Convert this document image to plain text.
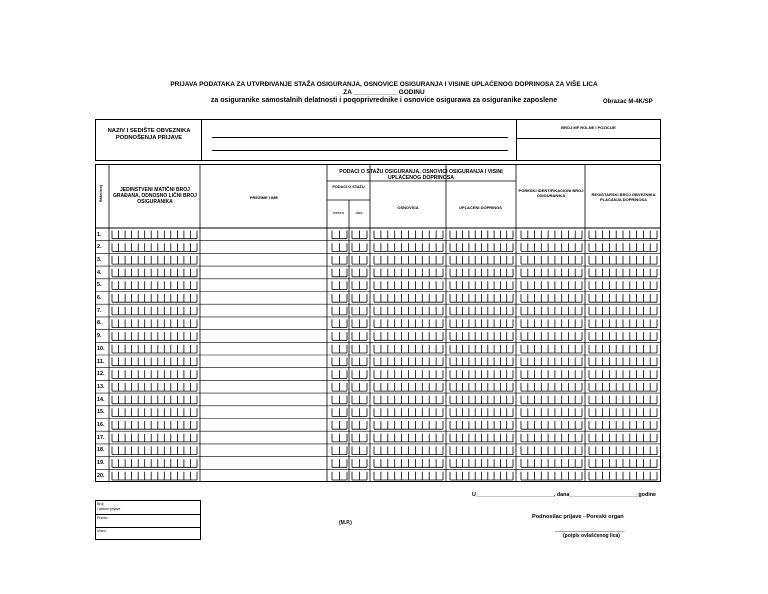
PRIJAVA PODATAKA ZA UTVRĐIVANJE STAŽA OSIGURANJA, OSNOVICE OSIGURANJA I VISINE UPLAĆENOG DOPRINOSA ZA VIŠE LICA
ZA ____________ GODINU
za osiguranike samostalnih delatnosti i poqoprivrednike i osnovice osigurawa za osiguranike zaposlene	Obrazac M-4K/SP
NAZIV I SEDIŠTE OBVEZNIKA PODNOŠENJA PRIJAVE
BROJ MF ROLNE I POZICIJE
Redni broj	JEDINSTVENI MATIČNI BROJ GRAĐANA, ODNOSNO LIČNI BROJ OSIGURANIKA
PREZIME I IME
PODACI O STAŽU OSIGURANJA, OSNOVICI OSIGURANJA I VISINI UPLAĆENOG DOPRINOSA
PODACI O STAŽU
meseci	dani
OSNOVICA	UPLAĆENI DOPRINOS
PORESKI IDENTIFIKACIONI BROJ OSIGURANIKA	REGISTARSKI BROJ OBVEZNIKA PLAĆANJA DOPRINOSA
1.
2.
3.
4.
5.
6.
7.
8.
9.
10.
11.
12.
13.
14.
15.
16.
17.
18.
19.
20.
Broj
i datum prijave
Primio:
Uneo:
(M.P.)
U__________________________, dana_______________________godine
Podnosilac prijave - Poreski organ
_________________________
(potpis ovlašćenog lica)
